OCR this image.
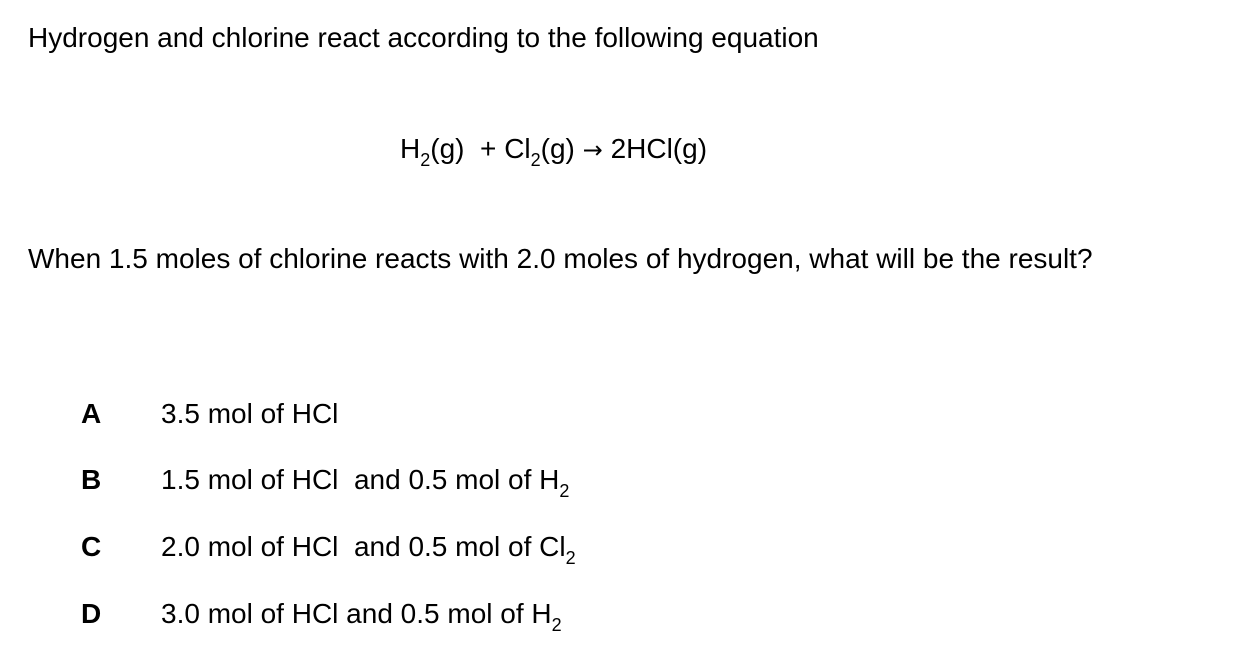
Hydrogen and chlorine react according to the following equation
$H_2(g) + Cl_2(g) \to 2HCl(g)$
When 1.5 moles of chlorine reacts with 2.0 moles of hydrogen, what will be the result?
A	3.5 mol of HCl
B	1.5 mol of HCl  and 0.5 mol of $H_2$
C	2.0 mol of HCl  and 0.5 mol of $Cl_2$
D	3.0 mol of HCl and 0.5 mol of $H_2$
